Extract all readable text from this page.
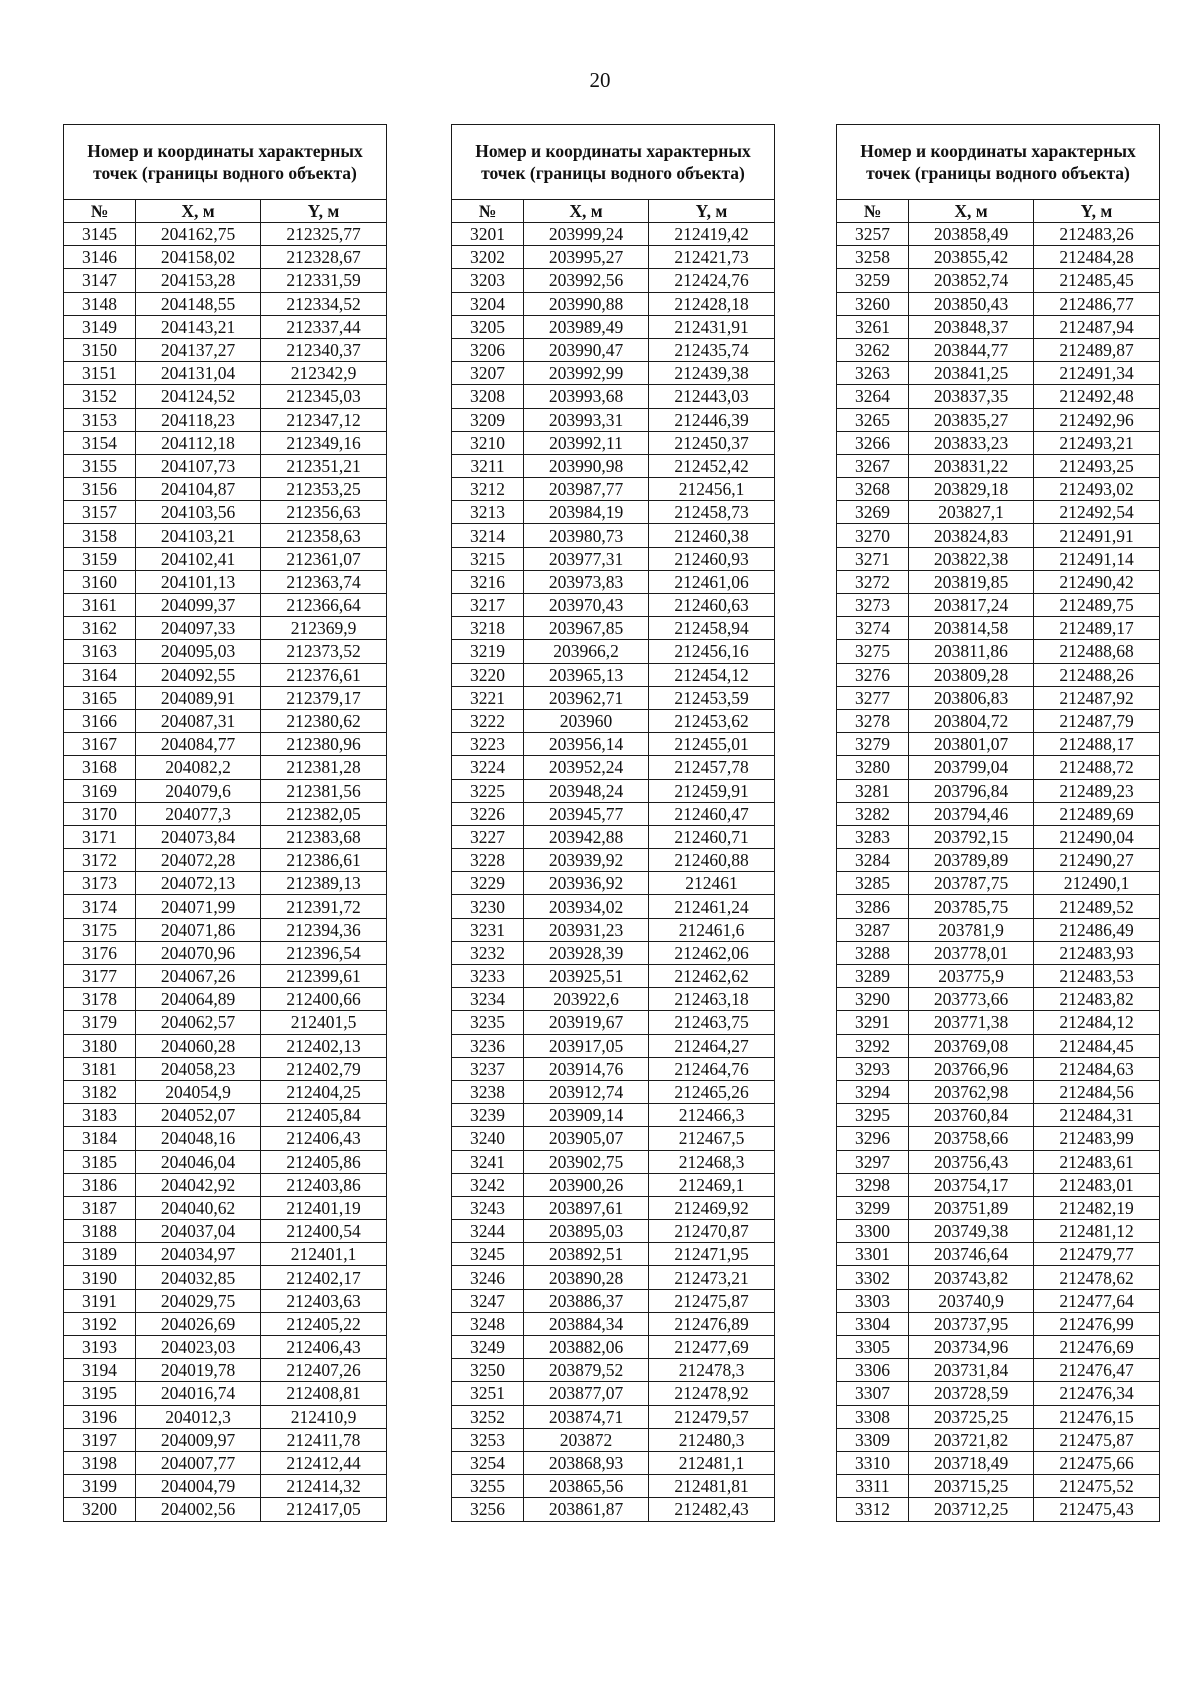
20
Номер и координаты характерных точек (границы водного объекта)		
№	X, м	Y, м
3145	204162,75	212325,77
3146	204158,02	212328,67
3147	204153,28	212331,59
3148	204148,55	212334,52
3149	204143,21	212337,44
3150	204137,27	212340,37
3151	204131,04	212342,9
3152	204124,52	212345,03
3153	204118,23	212347,12
3154	204112,18	212349,16
3155	204107,73	212351,21
3156	204104,87	212353,25
3157	204103,56	212356,63
3158	204103,21	212358,63
3159	204102,41	212361,07
3160	204101,13	212363,74
3161	204099,37	212366,64
3162	204097,33	212369,9
3163	204095,03	212373,52
3164	204092,55	212376,61
3165	204089,91	212379,17
3166	204087,31	212380,62
3167	204084,77	212380,96
3168	204082,2	212381,28
3169	204079,6	212381,56
3170	204077,3	212382,05
3171	204073,84	212383,68
3172	204072,28	212386,61
3173	204072,13	212389,13
3174	204071,99	212391,72
3175	204071,86	212394,36
3176	204070,96	212396,54
3177	204067,26	212399,61
3178	204064,89	212400,66
3179	204062,57	212401,5
3180	204060,28	212402,13
3181	204058,23	212402,79
3182	204054,9	212404,25
3183	204052,07	212405,84
3184	204048,16	212406,43
3185	204046,04	212405,86
3186	204042,92	212403,86
3187	204040,62	212401,19
3188	204037,04	212400,54
3189	204034,97	212401,1
3190	204032,85	212402,17
3191	204029,75	212403,63
3192	204026,69	212405,22
3193	204023,03	212406,43
3194	204019,78	212407,26
3195	204016,74	212408,81
3196	204012,3	212410,9
3197	204009,97	212411,78
3198	204007,77	212412,44
3199	204004,79	212414,32
3200	204002,56	212417,05
Номер и координаты характерных точек (границы водного объекта)		
№	X, м	Y, м
3201	203999,24	212419,42
3202	203995,27	212421,73
3203	203992,56	212424,76
3204	203990,88	212428,18
3205	203989,49	212431,91
3206	203990,47	212435,74
3207	203992,99	212439,38
3208	203993,68	212443,03
3209	203993,31	212446,39
3210	203992,11	212450,37
3211	203990,98	212452,42
3212	203987,77	212456,1
3213	203984,19	212458,73
3214	203980,73	212460,38
3215	203977,31	212460,93
3216	203973,83	212461,06
3217	203970,43	212460,63
3218	203967,85	212458,94
3219	203966,2	212456,16
3220	203965,13	212454,12
3221	203962,71	212453,59
3222	203960	212453,62
3223	203956,14	212455,01
3224	203952,24	212457,78
3225	203948,24	212459,91
3226	203945,77	212460,47
3227	203942,88	212460,71
3228	203939,92	212460,88
3229	203936,92	212461
3230	203934,02	212461,24
3231	203931,23	212461,6
3232	203928,39	212462,06
3233	203925,51	212462,62
3234	203922,6	212463,18
3235	203919,67	212463,75
3236	203917,05	212464,27
3237	203914,76	212464,76
3238	203912,74	212465,26
3239	203909,14	212466,3
3240	203905,07	212467,5
3241	203902,75	212468,3
3242	203900,26	212469,1
3243	203897,61	212469,92
3244	203895,03	212470,87
3245	203892,51	212471,95
3246	203890,28	212473,21
3247	203886,37	212475,87
3248	203884,34	212476,89
3249	203882,06	212477,69
3250	203879,52	212478,3
3251	203877,07	212478,92
3252	203874,71	212479,57
3253	203872	212480,3
3254	203868,93	212481,1
3255	203865,56	212481,81
3256	203861,87	212482,43
Номер и координаты характерных точек (границы водного объекта)		
№	X, м	Y, м
3257	203858,49	212483,26
3258	203855,42	212484,28
3259	203852,74	212485,45
3260	203850,43	212486,77
3261	203848,37	212487,94
3262	203844,77	212489,87
3263	203841,25	212491,34
3264	203837,35	212492,48
3265	203835,27	212492,96
3266	203833,23	212493,21
3267	203831,22	212493,25
3268	203829,18	212493,02
3269	203827,1	212492,54
3270	203824,83	212491,91
3271	203822,38	212491,14
3272	203819,85	212490,42
3273	203817,24	212489,75
3274	203814,58	212489,17
3275	203811,86	212488,68
3276	203809,28	212488,26
3277	203806,83	212487,92
3278	203804,72	212487,79
3279	203801,07	212488,17
3280	203799,04	212488,72
3281	203796,84	212489,23
3282	203794,46	212489,69
3283	203792,15	212490,04
3284	203789,89	212490,27
3285	203787,75	212490,1
3286	203785,75	212489,52
3287	203781,9	212486,49
3288	203778,01	212483,93
3289	203775,9	212483,53
3290	203773,66	212483,82
3291	203771,38	212484,12
3292	203769,08	212484,45
3293	203766,96	212484,63
3294	203762,98	212484,56
3295	203760,84	212484,31
3296	203758,66	212483,99
3297	203756,43	212483,61
3298	203754,17	212483,01
3299	203751,89	212482,19
3300	203749,38	212481,12
3301	203746,64	212479,77
3302	203743,82	212478,62
3303	203740,9	212477,64
3304	203737,95	212476,99
3305	203734,96	212476,69
3306	203731,84	212476,47
3307	203728,59	212476,34
3308	203725,25	212476,15
3309	203721,82	212475,87
3310	203718,49	212475,66
3311	203715,25	212475,52
3312	203712,25	212475,43
